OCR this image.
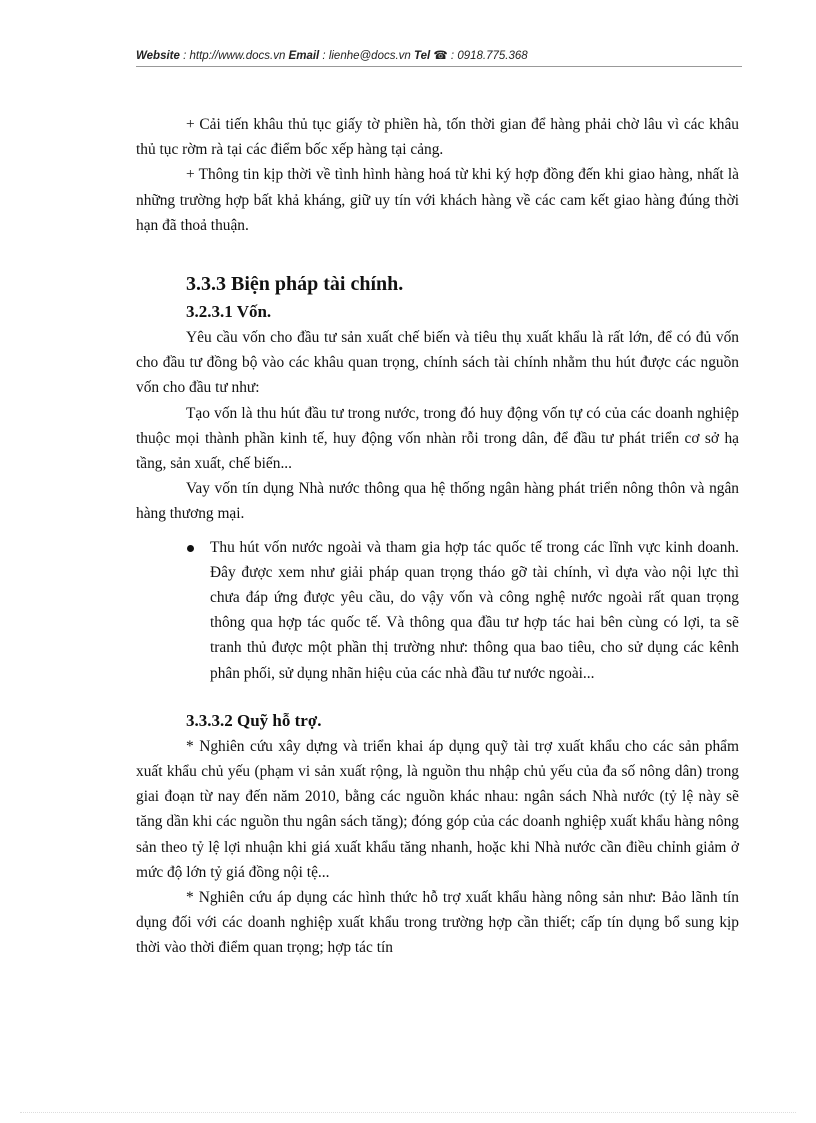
Website : http://www.docs.vn Email : lienhe@docs.vn Tel ☎ : 0918.775.368

+ Cải tiến khâu thủ tục giấy tờ phiền hà, tốn thời gian để hàng phải chờ lâu vì các khâu thủ tục rờm rà tại các điểm bốc xếp hàng tại cảng.

+ Thông tin kịp thời về tình hình hàng hoá từ khi ký hợp đồng đến khi giao hàng, nhất là những trường hợp bất khả kháng, giữ uy tín với khách hàng về các cam kết giao hàng đúng thời hạn đã thoả thuận.

3.3.3 Biện pháp tài chính.
3.2.3.1 Vốn.

Yêu cầu vốn cho đầu tư sản xuất chế biến và tiêu thụ xuất khẩu là rất lớn, để có đủ vốn cho đầu tư đồng bộ vào các khâu quan trọng, chính sách tài chính nhằm thu hút được các nguồn vốn cho đầu tư như:

Tạo vốn là thu hút đầu tư trong nước, trong đó huy động vốn tự có của các doanh nghiệp thuộc mọi thành phần kinh tế, huy động vốn nhàn rỗi trong dân, để đầu tư phát triển cơ sở hạ tầng, sản xuất, chế biến...

Vay vốn tín dụng Nhà nước thông qua hệ thống ngân hàng phát triển nông thôn và ngân hàng thương mại.

Thu hút vốn nước ngoài và tham gia hợp tác quốc tế trong các lĩnh vực kinh doanh. Đây được xem như giải pháp quan trọng tháo gỡ tài chính, vì dựa vào nội lực thì chưa đáp ứng được yêu cầu, do vậy vốn và công nghệ nước ngoài rất quan trọng thông qua hợp tác quốc tế. Và thông qua đầu tư hợp tác hai bên cùng có lợi, ta sẽ tranh thủ được một phần thị trường như: thông qua bao tiêu, cho sử dụng các kênh phân phối, sử dụng nhãn hiệu của các nhà đầu tư nước ngoài...
3.3.3.2 Quỹ hỗ trợ.

* Nghiên cứu xây dựng và triển khai áp dụng quỹ tài trợ xuất khẩu cho các sản phẩm xuất khẩu chủ yếu (phạm vi sản xuất rộng, là nguồn thu nhập chủ yếu của đa số nông dân) trong giai đoạn từ nay đến năm 2010, bằng các nguồn khác nhau: ngân sách Nhà nước (tỷ lệ này sẽ tăng dần khi các nguồn thu ngân sách tăng); đóng góp của các doanh nghiệp xuất khẩu hàng nông sản theo tỷ lệ lợi nhuận khi giá xuất khẩu tăng nhanh, hoặc khi Nhà nước cần điều chỉnh giảm ở mức độ lớn tỷ giá đồng nội tệ...

* Nghiên cứu áp dụng các hình thức hỗ trợ xuất khẩu hàng nông sản như: Bảo lãnh tín dụng đối với các doanh nghiệp xuất khẩu trong trường hợp cần thiết; cấp tín dụng bổ sung kịp thời vào thời điểm quan trọng; hợp tác tín
